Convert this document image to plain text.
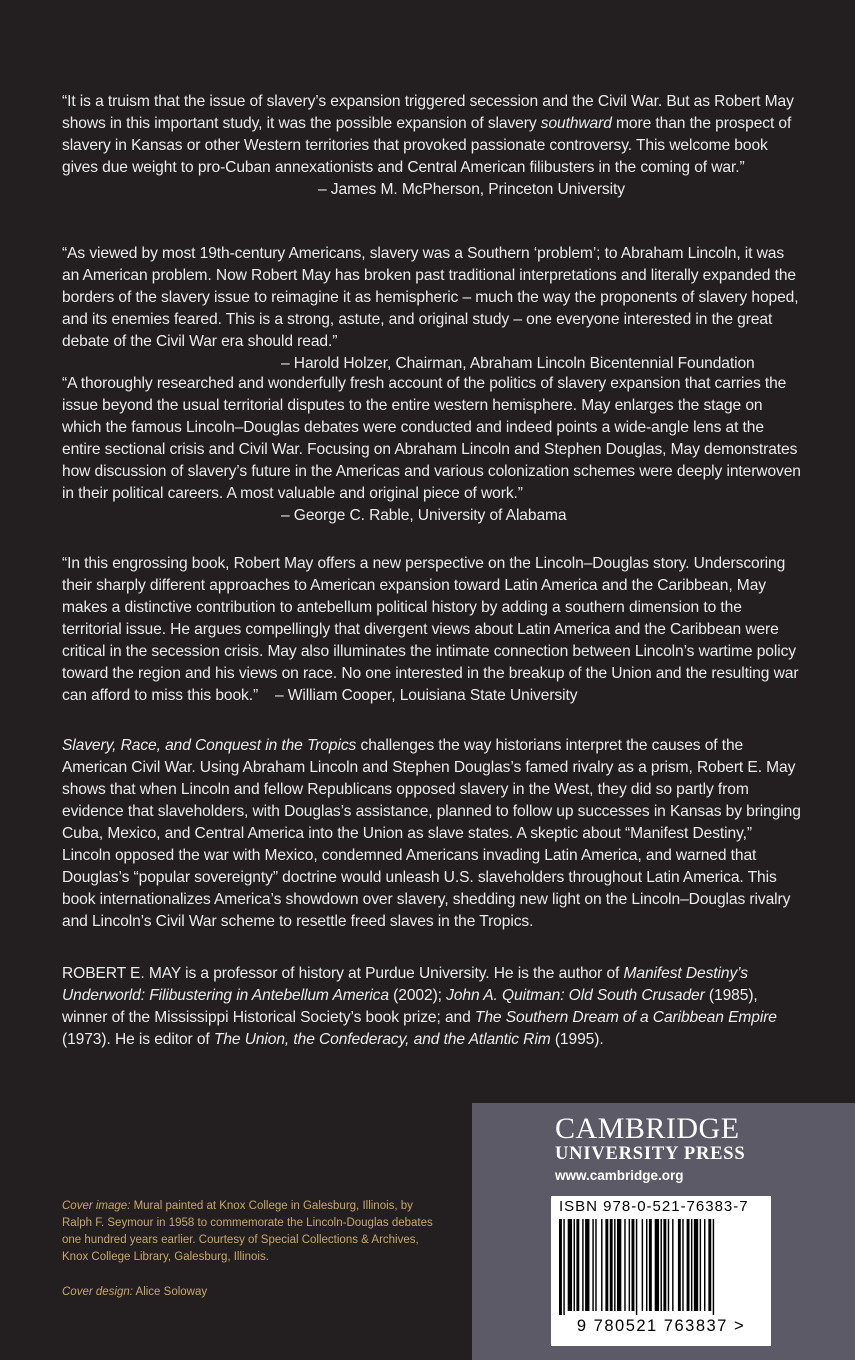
“It is a truism that the issue of slavery’s expansion triggered secession and the Civil War. But as Robert May shows in this important study, it was the possible expansion of slavery southward more than the prospect of slavery in Kansas or other Western territories that provoked passionate controversy. This welcome book gives due weight to pro-Cuban annexationists and Central American filibusters in the coming of war.”

– James M. McPherson, Princeton University

“As viewed by most 19th-century Americans, slavery was a Southern ‘problem’; to Abraham Lincoln, it was an American problem. Now Robert May has broken past traditional interpretations and literally expanded the borders of the slavery issue to reimagine it as hemispheric – much the way the proponents of slavery hoped, and its enemies feared. This is a strong, astute, and original study – one everyone interested in the great debate of the Civil War era should read.”

– Harold Holzer, Chairman, Abraham Lincoln Bicentennial Foundation

“A thoroughly researched and wonderfully fresh account of the politics of slavery expansion that carries the issue beyond the usual territorial disputes to the entire western hemisphere. May enlarges the stage on which the famous Lincoln–Douglas debates were conducted and indeed points a wide-angle lens at the entire sectional crisis and Civil War. Focusing on Abraham Lincoln and Stephen Douglas, May demonstrates how discussion of slavery’s future in the Americas and various colonization schemes were deeply interwoven in their political careers. A most valuable and original piece of work.”

– George C. Rable, University of Alabama

“In this engrossing book, Robert May offers a new perspective on the Lincoln–Douglas story. Underscoring their sharply different approaches to American expansion toward Latin America and the Caribbean, May makes a distinctive contribution to antebellum political history by adding a southern dimension to the territorial issue. He argues compellingly that divergent views about Latin America and the Caribbean were critical in the secession crisis. May also illuminates the intimate connection between Lincoln’s wartime policy toward the region and his views on race. No one interested in the breakup of the Union and the resulting war can afford to miss this book.” – William Cooper, Louisiana State University

Slavery, Race, and Conquest in the Tropics challenges the way historians interpret the causes of the American Civil War. Using Abraham Lincoln and Stephen Douglas’s famed rivalry as a prism, Robert E. May shows that when Lincoln and fellow Republicans opposed slavery in the West, they did so partly from evidence that slaveholders, with Douglas’s assistance, planned to follow up successes in Kansas by bringing Cuba, Mexico, and Central America into the Union as slave states. A skeptic about “Manifest Destiny,” Lincoln opposed the war with Mexico, condemned Americans invading Latin America, and warned that Douglas’s “popular sovereignty” doctrine would unleash U.S. slaveholders throughout Latin America. This book internationalizes America’s showdown over slavery, shedding new light on the Lincoln–Douglas rivalry and Lincoln’s Civil War scheme to resettle freed slaves in the Tropics.
ROBERT E. MAY is a professor of history at Purdue University. He is the author of Manifest Destiny’s Underworld: Filibustering in Antebellum America (2002); John A. Quitman: Old South Crusader (1985), winner of the Mississippi Historical Society’s book prize; and The Southern Dream of a Caribbean Empire (1973). He is editor of The Union, the Confederacy, and the Atlantic Rim (1995).
Cover image: Mural painted at Knox College in Galesburg, Illinois, by Ralph F. Seymour in 1958 to commemorate the Lincoln-Douglas debates one hundred years earlier. Courtesy of Special Collections & Archives, Knox College Library, Galesburg, Illinois.
Cover design: Alice Soloway
CAMBRIDGE
UNIVERSITY PRESS
www.cambridge.org
ISBN 978-0-521-76383-7
9 780521 763837 >
